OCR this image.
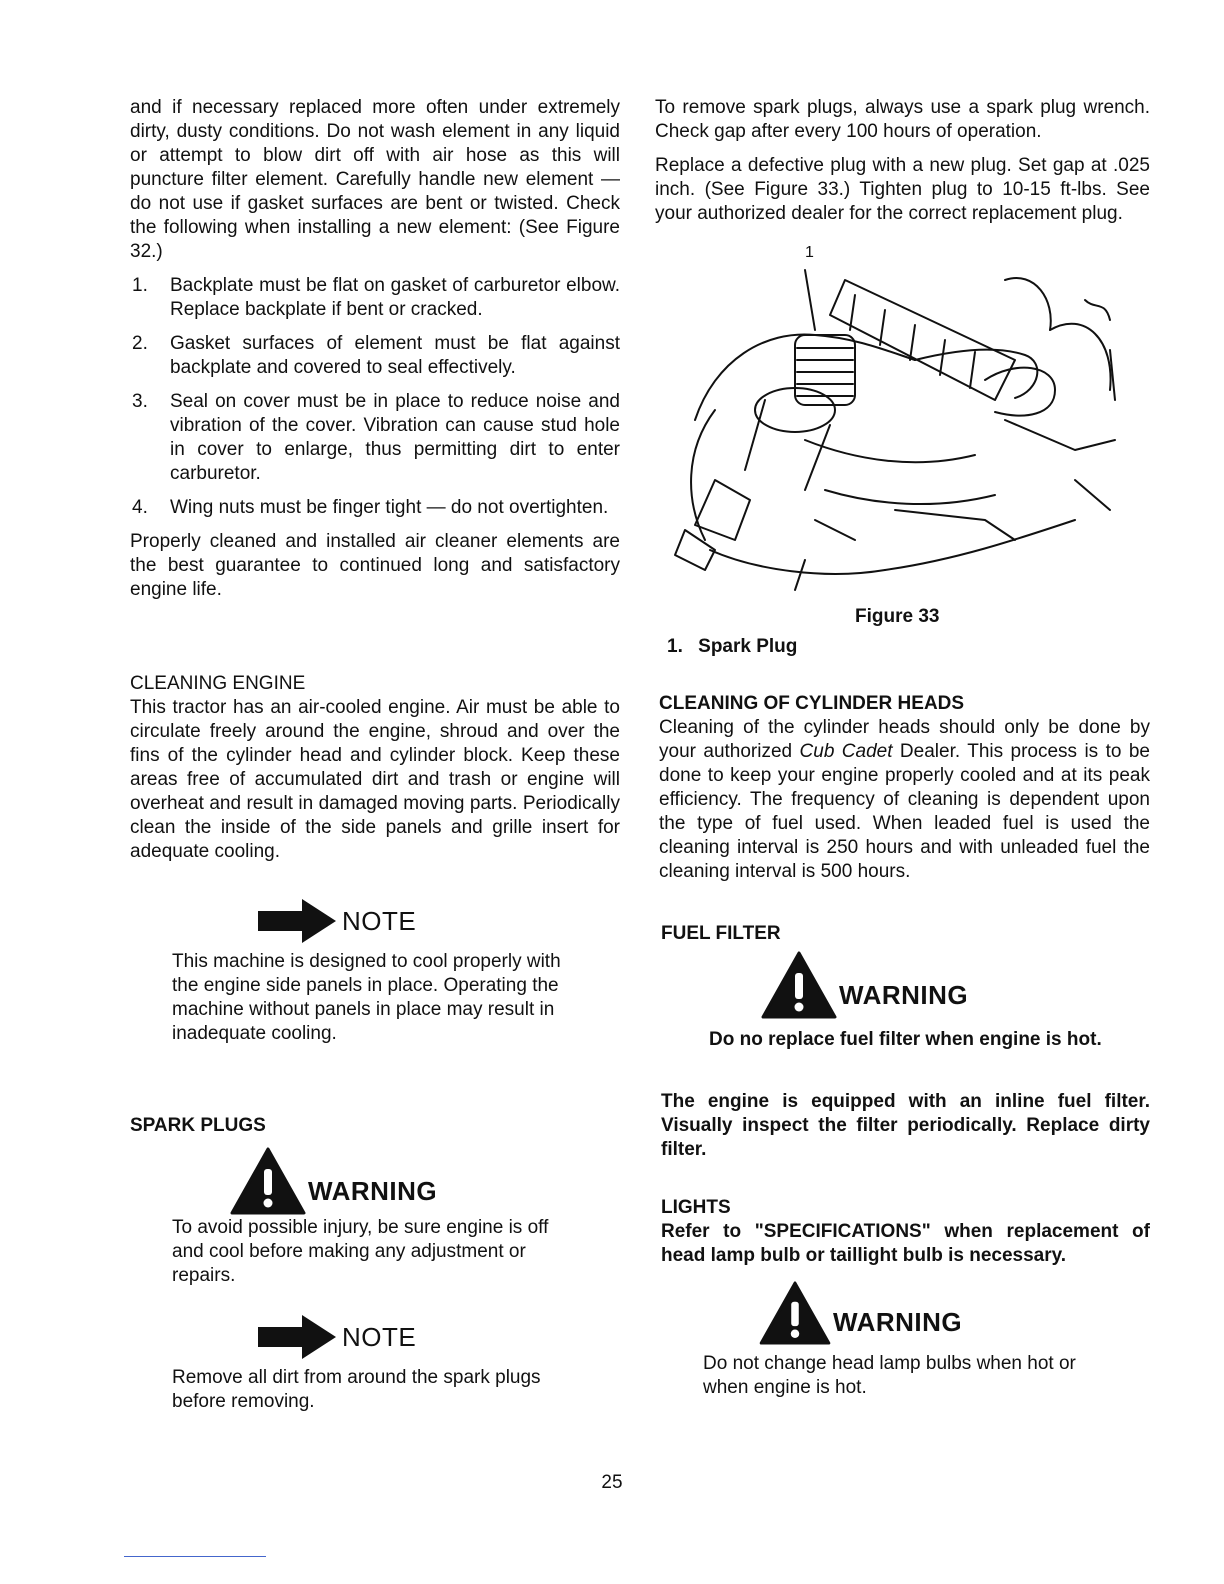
and if necessary replaced more often under extremely dirty, dusty conditions. Do not wash element in any liquid or attempt to blow dirt off with air hose as this will puncture filter element. Carefully handle new element — do not use if gasket surfaces are bent or twisted. Check the following when installing a new element: (See Figure 32.)

1. Backplate must be flat on gasket of carburetor elbow. Replace backplate if bent or cracked.
2. Gasket surfaces of element must be flat against backplate and covered to seal effectively.
3. Seal on cover must be in place to reduce noise and vibration of the cover. Vibration can cause stud hole in cover to enlarge, thus permitting dirt to enter carburetor.
4. Wing nuts must be finger tight — do not overtighten.

Properly cleaned and installed air cleaner elements are the best guarantee to continued long and satisfactory engine life.

CLEANING ENGINE

This tractor has an air-cooled engine. Air must be able to circulate freely around the engine, shroud and over the fins of the cylinder head and cylinder block. Keep these areas free of accumulated dirt and trash or engine will overheat and result in damaged moving parts. Periodically clean the inside of the side panels and grille insert for adequate cooling.

NOTE
This machine is designed to cool properly with the engine side panels in place. Operating the machine without panels in place may result in inadequate cooling.
SPARK PLUGS
WARNING
To avoid possible injury, be sure engine is off and cool before making any adjustment or repairs.
NOTE
Remove all dirt from around the spark plugs before removing.

To remove spark plugs, always use a spark plug wrench. Check gap after every 100 hours of operation.

Replace a defective plug with a new plug. Set gap at .025 inch. (See Figure 33.) Tighten plug to 10-15 ft-lbs. See your authorized dealer for the correct replacement plug.

1
Figure 33
1. Spark Plug
CLEANING OF CYLINDER HEADS

Cleaning of the cylinder heads should only be done by your authorized Cub Cadet Dealer. This process is to be done to keep your engine properly cooled and at its peak efficiency. The frequency of cleaning is dependent upon the type of fuel used. When leaded fuel is used the cleaning interval is 250 hours and with unleaded fuel the cleaning interval is 500 hours.

FUEL FILTER
WARNING
Do no replace fuel filter when engine is hot.

The engine is equipped with an inline fuel filter. Visually inspect the filter periodically. Replace dirty filter.

LIGHTS

Refer to "SPECIFICATIONS" when replacement of head lamp bulb or taillight bulb is necessary.

WARNING
Do not change head lamp bulbs when hot or when engine is hot.
25
